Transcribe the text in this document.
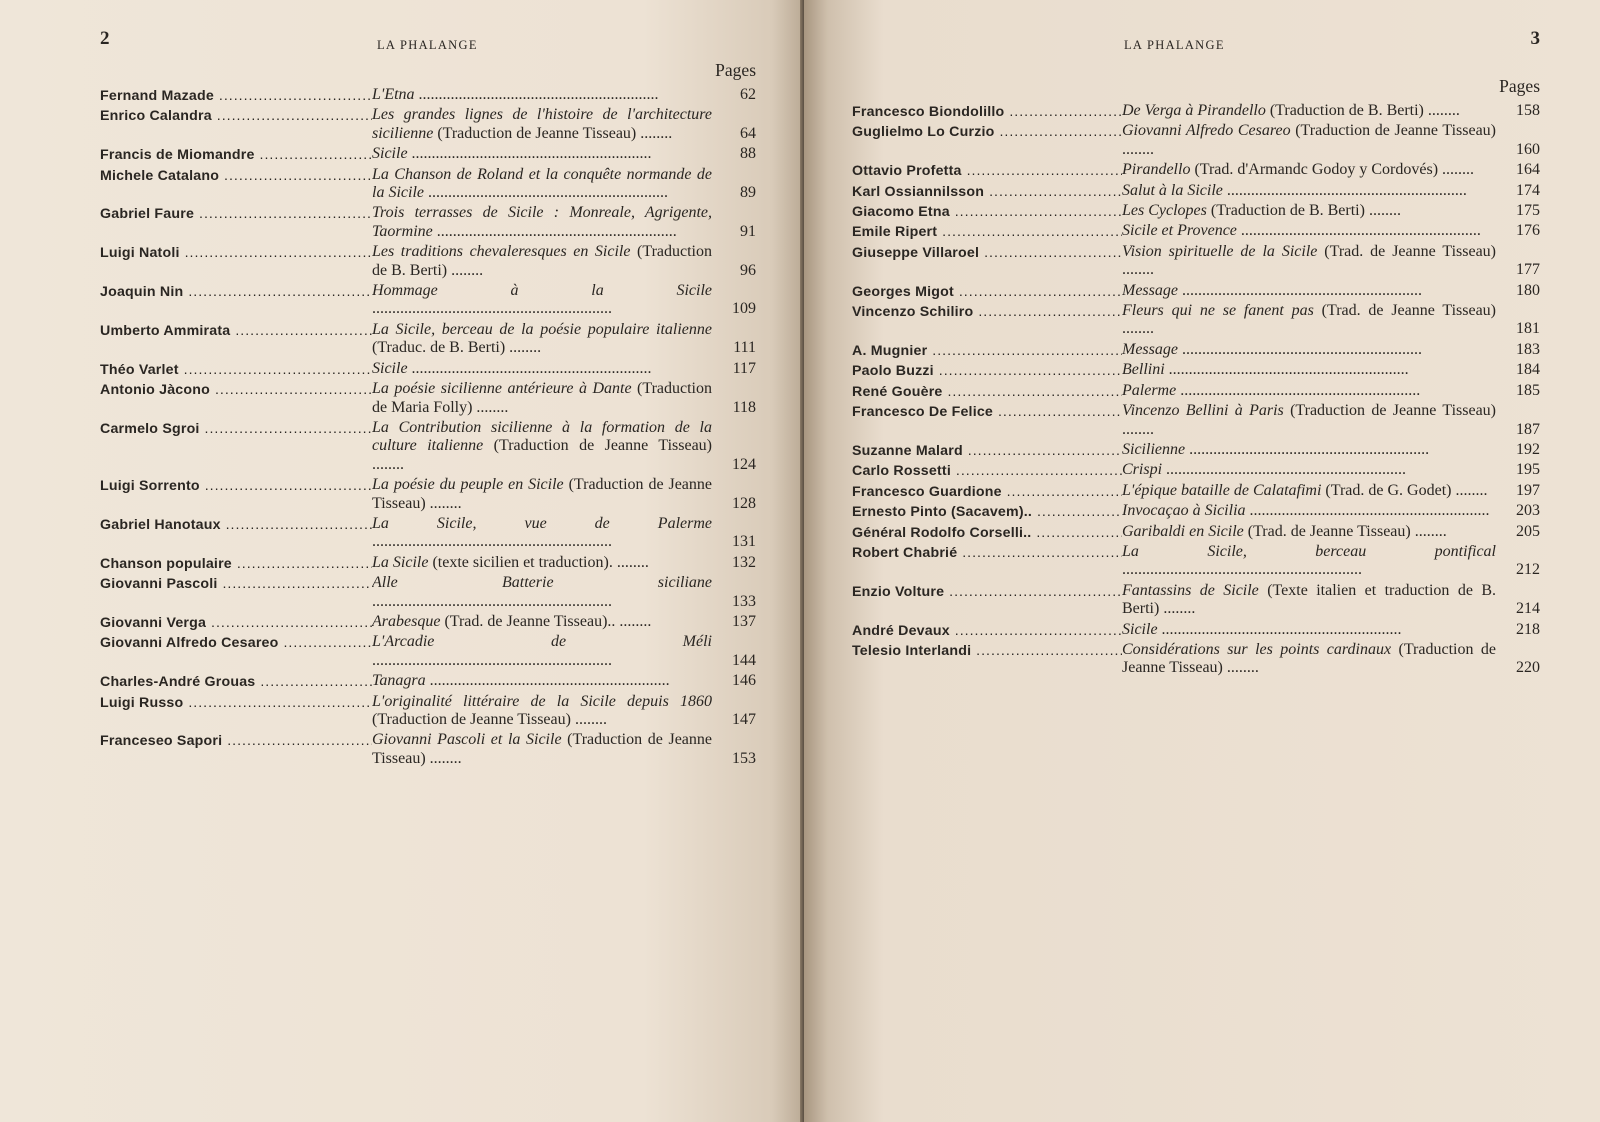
2	LA PHALANGE
Pages
Fernand Mazade .....	L'Etna ............................................................	62
Enrico Calandra .....	Les grandes lignes de l'histoire de l'architecture sicilienne (Traduction de Jeanne Tisseau) ........	64
Francis de Miomandre .....	Sicile ............................................................	88
Michele Catalano .....	La Chanson de Roland et la conquête normande de la Sicile ............................................................	89
Gabriel Faure .....	Trois terrasses de Sicile : Monreale, Agrigente, Taormine ............................................................	91
Luigi Natoli .....	Les traditions chevaleresques en Sicile (Traduction de B. Berti) ........	96
Joaquin Nin .....	Hommage à la Sicile ............................................................	109
Umberto Ammirata .....	La Sicile, berceau de la poésie populaire italienne (Traduc. de B. Berti) ........	111
Théo Varlet .....	Sicile ............................................................	117
Antonio Jàcono .....	La poésie sicilienne antérieure à Dante (Traduction de Maria Folly) ........	118
Carmelo Sgroi .....	La Contribution sicilienne à la formation de la culture italienne (Traduction de Jeanne Tisseau) ........	124
Luigi Sorrento .....	La poésie du peuple en Sicile (Traduction de Jeanne Tisseau) ........	128
Gabriel Hanotaux .....	La Sicile, vue de Palerme ............................................................	131
Chanson populaire .....	La Sicile (texte sicilien et traduction). ........	132
Giovanni Pascoli .....	Alle Batterie siciliane ............................................................	133
Giovanni Verga .....	Arabesque (Trad. de Jeanne Tisseau).. ........	137
Giovanni Alfredo Cesareo .....	L'Arcadie de Méli ............................................................	144
Charles-André Grouas .....	Tanagra ............................................................	146
Luigi Russo .....	L'originalité littéraire de la Sicile depuis 1860 (Traduction de Jeanne Tisseau) ........	147
Franceseo Sapori .....	Giovanni Pascoli et la Sicile (Traduction de Jeanne Tisseau) ........	153
LA PHALANGE	3
Pages
Francesco Biondolillo .....	De Verga à Pirandello (Traduction de B. Berti) ........	158
Guglielmo Lo Curzio .....	Giovanni Alfredo Cesareo (Traduction de Jeanne Tisseau) ........	160
Ottavio Profetta .....	Pirandello (Trad. d'Armandc Godoy y Cordovés) ........	164
Karl Ossiannilsson .....	Salut à la Sicile ............................................................	174
Giacomo Etna .....	Les Cyclopes (Traduction de B. Berti) ........	175
Emile Ripert .....	Sicile et Provence ............................................................	176
Giuseppe Villaroel .....	Vision spirituelle de la Sicile (Trad. de Jeanne Tisseau) ........	177
Georges Migot .....	Message ............................................................	180
Vincenzo Schiliro .....	Fleurs qui ne se fanent pas (Trad. de Jeanne Tisseau) ........	181
A. Mugnier .....	Message ............................................................	183
Paolo Buzzi .....	Bellini ............................................................	184
René Gouère .....	Palerme ............................................................	185
Francesco De Felice .....	Vincenzo Bellini à Paris (Traduction de Jeanne Tisseau) ........	187
Suzanne Malard .....	Sicilienne ............................................................	192
Carlo Rossetti .....	Crispi ............................................................	195
Francesco Guardione .....	L'épique bataille de Calatafimi (Trad. de G. Godet) ........	197
Ernesto Pinto (Sacavem).. .....	Invocaçao à Sicilia ............................................................	203
Général Rodolfo Corselli.. .....	Garibaldi en Sicile (Trad. de Jeanne Tisseau) ........	205
Robert Chabrié .....	La Sicile, berceau pontifical ............................................................	212
Enzio Volture .....	Fantassins de Sicile (Texte italien et traduction de B. Berti) ........	214
André Devaux .....	Sicile ............................................................	218
Telesio Interlandi .....	Considérations sur les points cardinaux (Traduction de Jeanne Tisseau) ........	220
